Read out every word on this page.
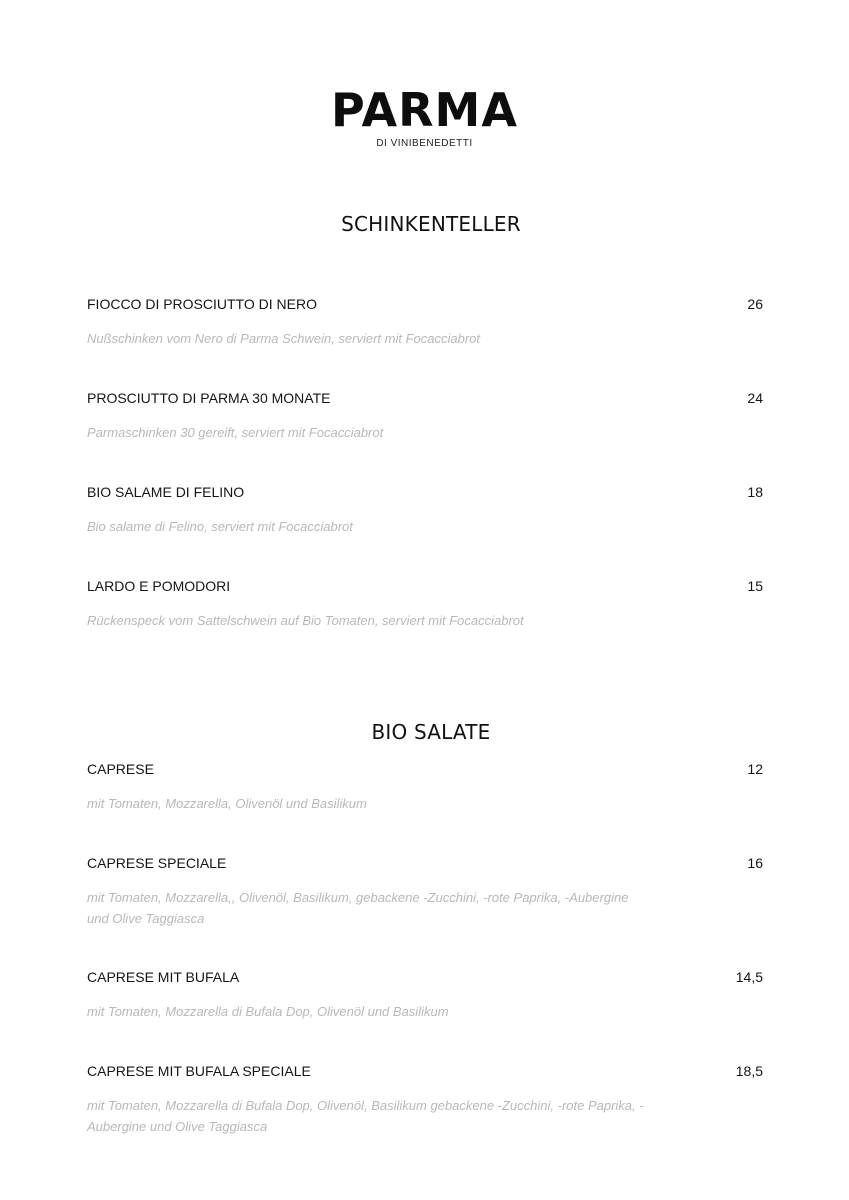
PARMA
DI VINIBENEDETTI
SCHINKENTELLER
FIOCCO DI PROSCIUTTO DI NERO	26
Nußschinken vom Nero di Parma Schwein, serviert mit Focacciabrot
PROSCIUTTO DI PARMA 30 MONATE	24
Parmaschinken 30 gereift, serviert mit Focacciabrot
BIO SALAME DI FELINO	18
Bio salame di Felino, serviert mit Focacciabrot
LARDO E POMODORI	15
Rückenspeck vom Sattelschwein auf Bio Tomaten, serviert mit Focacciabrot
BIO SALATE
CAPRESE	12
mit Tomaten, Mozzarella, Olivenöl und Basilikum
CAPRESE SPECIALE	16
mit Tomaten, Mozzarella,, Olivenöl, Basilikum, gebackene -Zucchini, -rote Paprika, -Aubergine und Olive Taggiasca
CAPRESE MIT BUFALA	14,5
mit Tomaten, Mozzarella di Bufala Dop, Olivenöl und Basilikum
CAPRESE MIT BUFALA SPECIALE	18,5
mit Tomaten, Mozzarella di Bufala Dop, Olivenöl, Basilikum gebackene -Zucchini, -rote Paprika, -Aubergine und Olive Taggiasca
